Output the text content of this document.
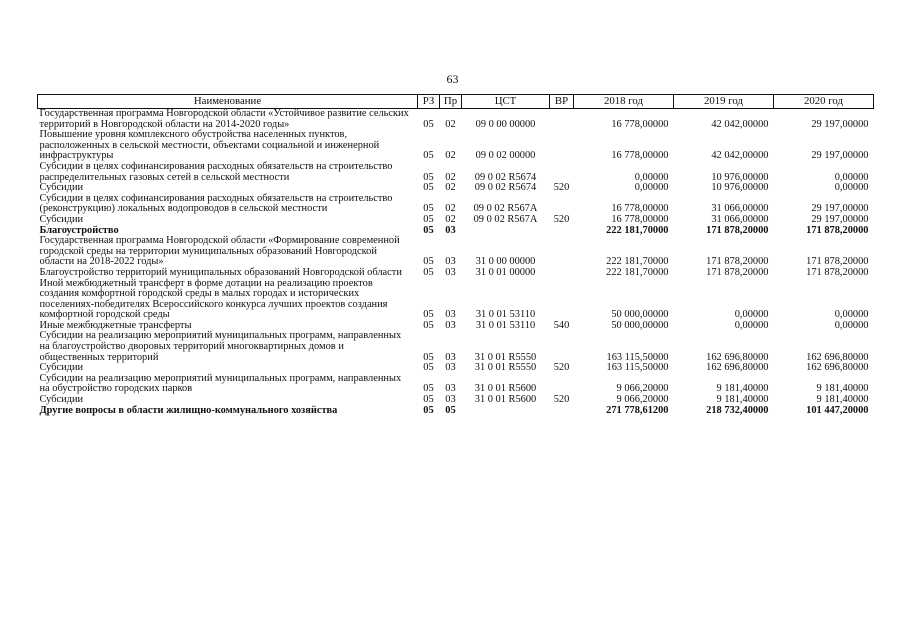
63
Наименование	РЗ	Пр	ЦСТ	ВР	2018 год	2019 год	2020 год
Государственная программа Новгородской области «Устойчивое развитие сельских территорий в Новгородской области на 2014-2020 годы»	05	02	09 0 00 00000		16 778,00000	42 042,00000	29 197,00000
Повышение уровня комплексного обустройства населенных пунктов, расположенных в сельской местности, объектами социальной и инженерной инфраструктуры	05	02	09 0 02 00000		16 778,00000	42 042,00000	29 197,00000
Субсидии в целях софинансирования расходных обязательств на строительство распределительных газовых сетей в сельской местности	05	02	09 0 02 R5674		0,00000	10 976,00000	0,00000
Субсидии	05	02	09 0 02 R5674	520	0,00000	10 976,00000	0,00000
Субсидии в целях софинансирования расходных обязательств на строительство (реконструкцию) локальных водопроводов в сельской местности	05	02	09 0 02 R567A		16 778,00000	31 066,00000	29 197,00000
Субсидии	05	02	09 0 02 R567A	520	16 778,00000	31 066,00000	29 197,00000
Благоустройство	05	03			222 181,70000	171 878,20000	171 878,20000
Государственная программа Новгородской области «Формирование современной городской среды на территории муниципальных образований Новгородской области на 2018-2022 годы»	05	03	31 0 00 00000		222 181,70000	171 878,20000	171 878,20000
Благоустройство территорий муниципальных образований Новгородской области	05	03	31 0 01 00000		222 181,70000	171 878,20000	171 878,20000
Иной межбюджетный трансферт в форме дотации на реализацию проектов создания комфортной городской среды в малых городах и исторических поселениях-победителях Всероссийского конкурса лучших проектов создания комфортной городской среды	05	03	31 0 01 53110		50 000,00000	0,00000	0,00000
Иные межбюджетные трансферты	05	03	31 0 01 53110	540	50 000,00000	0,00000	0,00000
Субсидии на реализацию мероприятий муниципальных программ, направленных на благоустройство дворовых территорий многоквартирных домов и общественных территорий	05	03	31 0 01 R5550		163 115,50000	162 696,80000	162 696,80000
Субсидии	05	03	31 0 01 R5550	520	163 115,50000	162 696,80000	162 696,80000
Субсидии на реализацию мероприятий муниципальных программ, направленных на обустройство городских парков	05	03	31 0 01 R5600		9 066,20000	9 181,40000	9 181,40000
Субсидии	05	03	31 0 01 R5600	520	9 066,20000	9 181,40000	9 181,40000
Другие вопросы в области жилищно-коммунального хозяйства	05	05			271 778,61200	218 732,40000	101 447,20000
